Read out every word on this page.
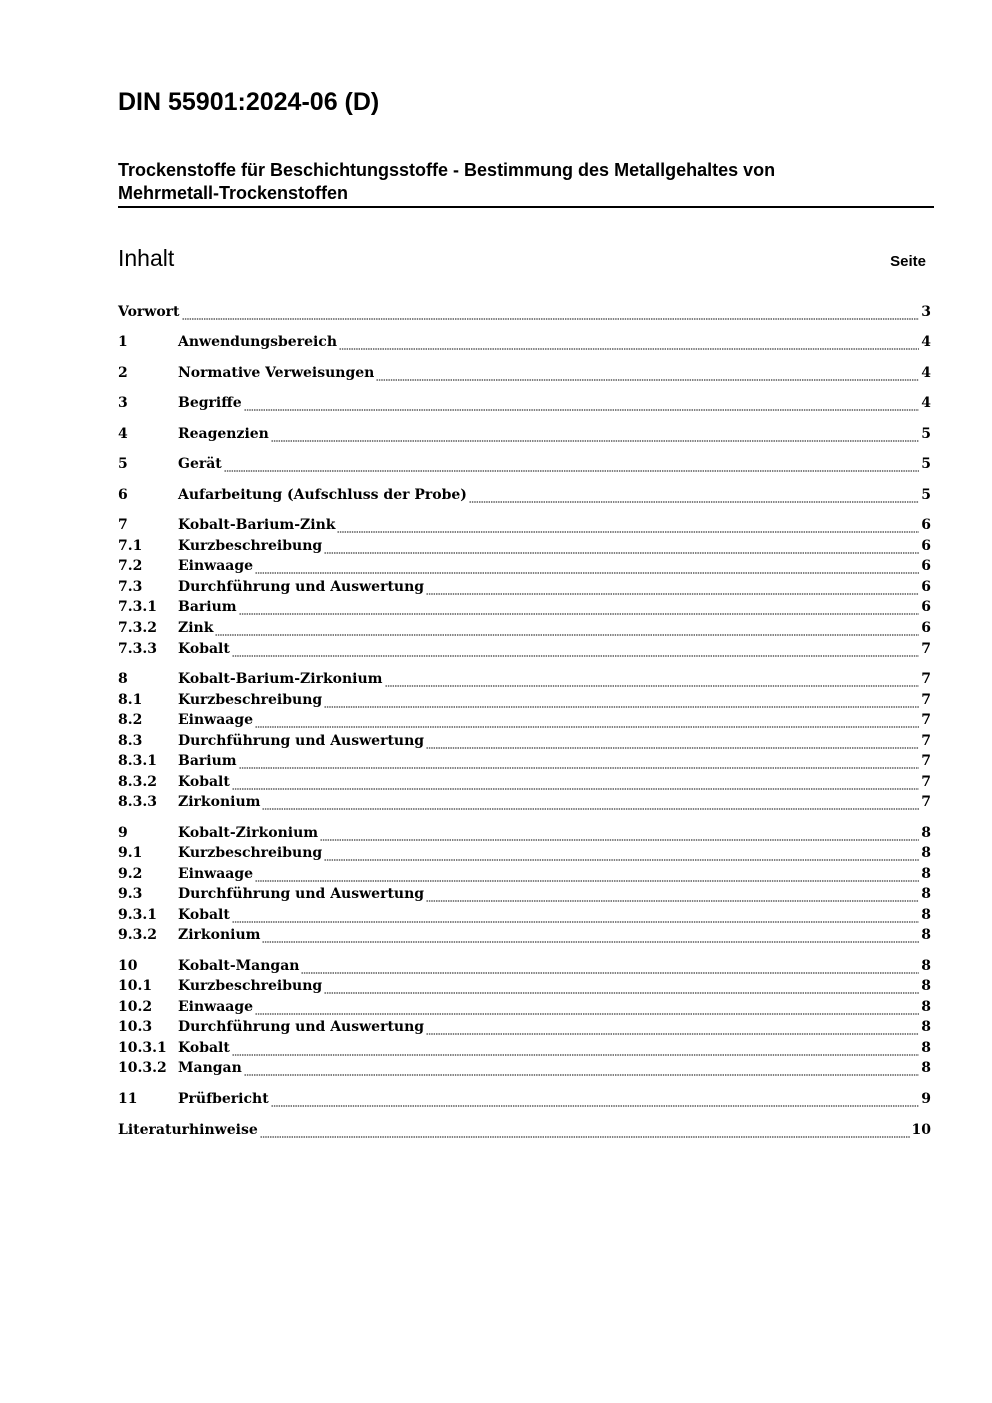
DIN 55901:2024-06 (D)
Trockenstoffe für Beschichtungsstoffe - Bestimmung des Metallgehaltes von
Mehrmetall-Trockenstoffen
Inhalt	Seite
Vorwort	3
1	Anwendungsbereich	4
2	Normative Verweisungen	4
3	Begriffe	4
4	Reagenzien	5
5	Gerät	5
6	Aufarbeitung (Aufschluss der Probe)	5
7	Kobalt-Barium-Zink	6
7.1	Kurzbeschreibung	6
7.2	Einwaage	6
7.3	Durchführung und Auswertung	6
7.3.1	Barium	6
7.3.2	Zink	6
7.3.3	Kobalt	7
8	Kobalt-Barium-Zirkonium	7
8.1	Kurzbeschreibung	7
8.2	Einwaage	7
8.3	Durchführung und Auswertung	7
8.3.1	Barium	7
8.3.2	Kobalt	7
8.3.3	Zirkonium	7
9	Kobalt-Zirkonium	8
9.1	Kurzbeschreibung	8
9.2	Einwaage	8
9.3	Durchführung und Auswertung	8
9.3.1	Kobalt	8
9.3.2	Zirkonium	8
10	Kobalt-Mangan	8
10.1	Kurzbeschreibung	8
10.2	Einwaage	8
10.3	Durchführung und Auswertung	8
10.3.1 Kobalt	8
10.3.2 Mangan	8
11	Prüfbericht	9
Literaturhinweise	10
